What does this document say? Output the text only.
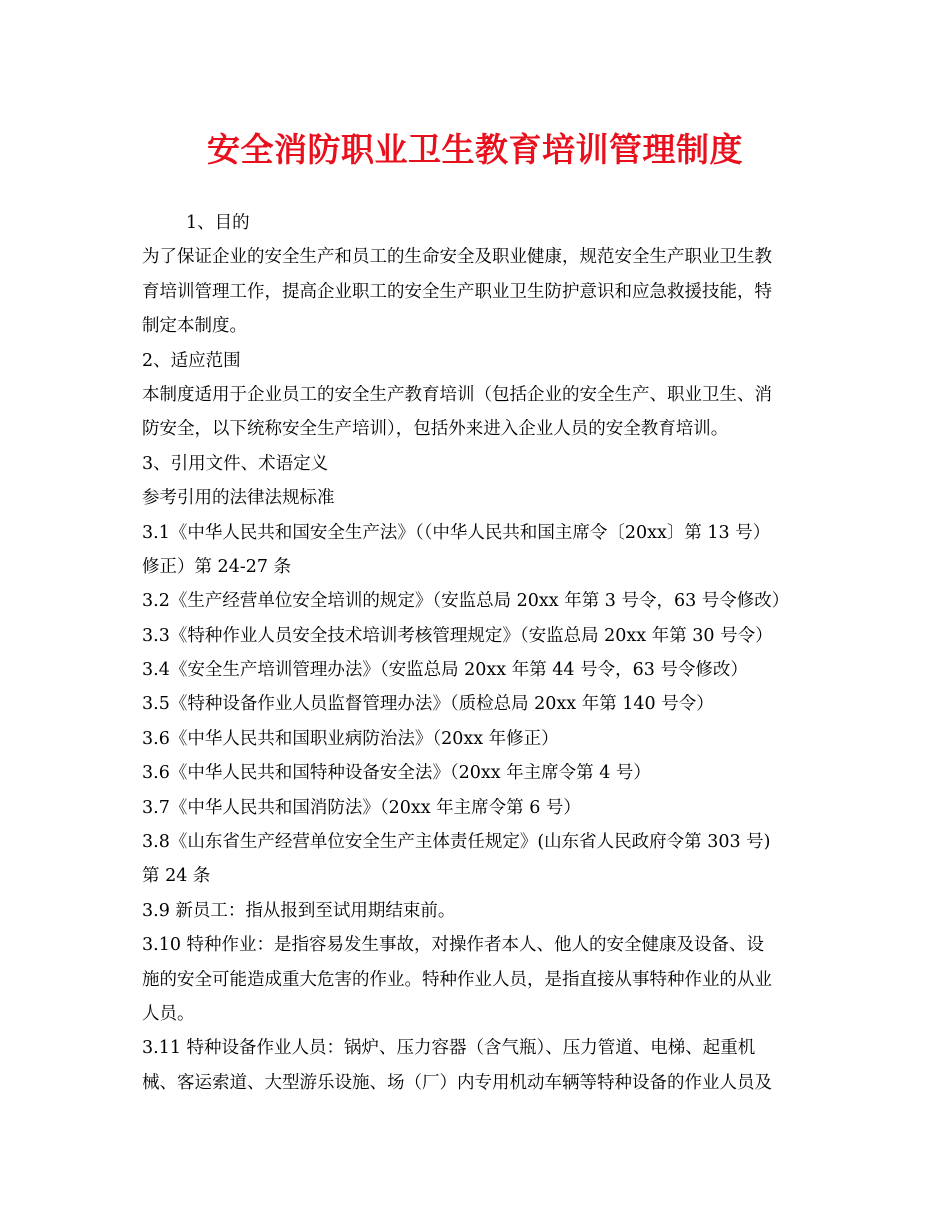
安全消防职业卫生教育培训管理制度
1、目的
为了保证企业的安全生产和员工的生命安全及职业健康，规范安全生产职业卫生教
育培训管理工作，提高企业职工的安全生产职业卫生防护意识和应急救援技能，特
制定本制度。
2、适应范围
本制度适用于企业员工的安全生产教育培训（包括企业的安全生产、职业卫生、消
防安全，以下统称安全生产培训），包括外来进入企业人员的安全教育培训。
3、引用文件、术语定义
参考引用的法律法规标准
3.1《中华人民共和国安全生产法》（（中华人民共和国主席令〔20xx〕第 13 号）
修正）第 24-27 条
3.2《生产经营单位安全培训的规定》（安监总局 20xx 年第 3 号令，63 号令修改）
3.3《特种作业人员安全技术培训考核管理规定》（安监总局 20xx 年第 30 号令）
3.4《安全生产培训管理办法》（安监总局 20xx 年第 44 号令，63 号令修改）
3.5《特种设备作业人员监督管理办法》（质检总局 20xx 年第 140 号令）
3.6《中华人民共和国职业病防治法》（20xx 年修正）
3.6《中华人民共和国特种设备安全法》（20xx 年主席令第 4 号）
3.7《中华人民共和国消防法》（20xx 年主席令第 6 号）
3.8《山东省生产经营单位安全生产主体责任规定》(山东省人民政府令第 303 号)
第 24 条
3.9 新员工：指从报到至试用期结束前。
3.10 特种作业：是指容易发生事故，对操作者本人、他人的安全健康及设备、设
施的安全可能造成重大危害的作业。特种作业人员，是指直接从事特种作业的从业
人员。
3.11 特种设备作业人员：锅炉、压力容器（含气瓶）、压力管道、电梯、起重机
械、客运索道、大型游乐设施、场（厂）内专用机动车辆等特种设备的作业人员及
